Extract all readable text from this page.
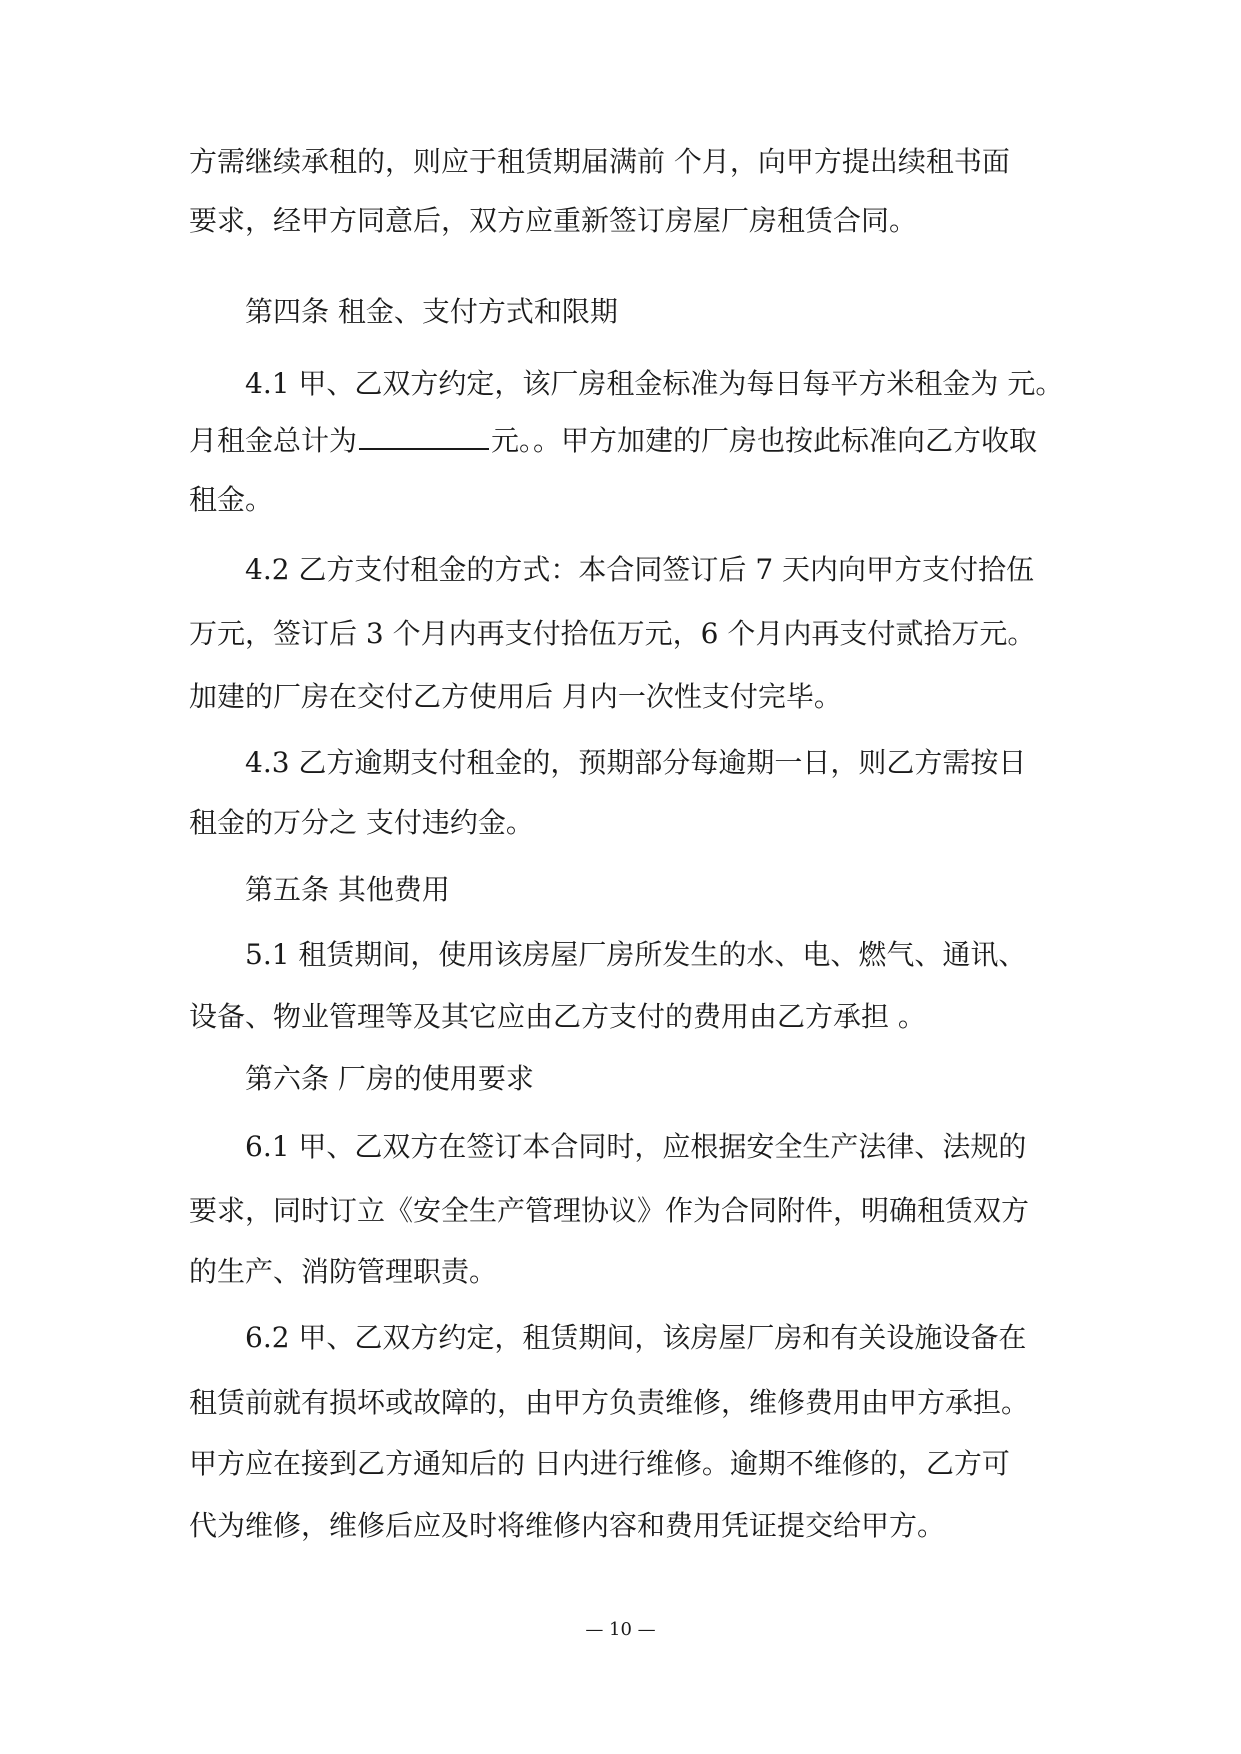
方需继续承租的，则应于租赁期届满前 个月，向甲方提出续租书面
要求，经甲方同意后，双方应重新签订房屋厂房租赁合同。
第四条 租金、支付方式和限期
4.1 甲、乙双方约定，该厂房租金标准为每日每平方米租金为 元。
月租金总计为	元。。甲方加建的厂房也按此标准向乙方收取
租金。
4.2 乙方支付租金的方式：本合同签订后 7 天内向甲方支付拾伍
万元，签订后 3 个月内再支付拾伍万元，6 个月内再支付贰拾万元。
加建的厂房在交付乙方使用后 月内一次性支付完毕。
4.3 乙方逾期支付租金的，预期部分每逾期一日，则乙方需按日
租金的万分之 支付违约金。
第五条 其他费用
5.1 租赁期间，使用该房屋厂房所发生的水、电、燃气、通讯、
设备、物业管理等及其它应由乙方支付的费用由乙方承担 。
第六条 厂房的使用要求
6.1 甲、乙双方在签订本合同时，应根据安全生产法律、法规的
要求，同时订立《安全生产管理协议》作为合同附件，明确租赁双方
的生产、消防管理职责。
6.2 甲、乙双方约定，租赁期间，该房屋厂房和有关设施设备在
租赁前就有损坏或故障的，由甲方负责维修，维修费用由甲方承担。
甲方应在接到乙方通知后的 日内进行维修。逾期不维修的，乙方可
代为维修，维修后应及时将维修内容和费用凭证提交给甲方。
— 10 —
